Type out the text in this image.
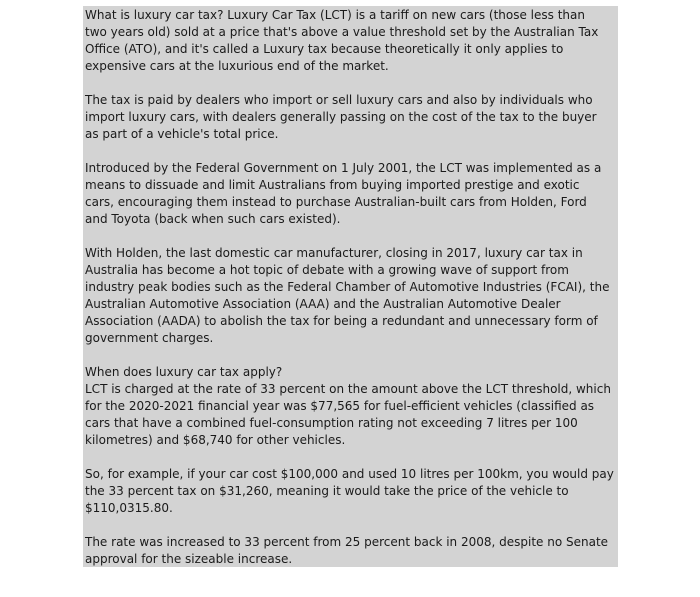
What is luxury car tax? Luxury Car Tax (LCT) is a tariff on new cars (those less than
two years old) sold at a price that's above a value threshold set by the Australian Tax
Office (ATO), and it's called a Luxury tax because theoretically it only applies to
expensive cars at the luxurious end of the market.

The tax is paid by dealers who import or sell luxury cars and also by individuals who
import luxury cars, with dealers generally passing on the cost of the tax to the buyer
as part of a vehicle's total price.

Introduced by the Federal Government on 1 July 2001, the LCT was implemented as a
means to dissuade and limit Australians from buying imported prestige and exotic
cars, encouraging them instead to purchase Australian-built cars from Holden, Ford
and Toyota (back when such cars existed).

With Holden, the last domestic car manufacturer, closing in 2017, luxury car tax in
Australia has become a hot topic of debate with a growing wave of support from
industry peak bodies such as the Federal Chamber of Automotive Industries (FCAI), the
Australian Automotive Association (AAA) and the Australian Automotive Dealer
Association (AADA) to abolish the tax for being a redundant and unnecessary form of
government charges.

When does luxury car tax apply?
LCT is charged at the rate of 33 percent on the amount above the LCT threshold, which
for the 2020-2021 financial year was $77,565 for fuel-efficient vehicles (classified as
cars that have a combined fuel-consumption rating not exceeding 7 litres per 100
kilometres) and $68,740 for other vehicles.

So, for example, if your car cost $100,000 and used 10 litres per 100km, you would pay
the 33 percent tax on $31,260, meaning it would take the price of the vehicle to
$110,0315.80.

The rate was increased to 33 percent from 25 percent back in 2008, despite no Senate
approval for the sizeable increase.
